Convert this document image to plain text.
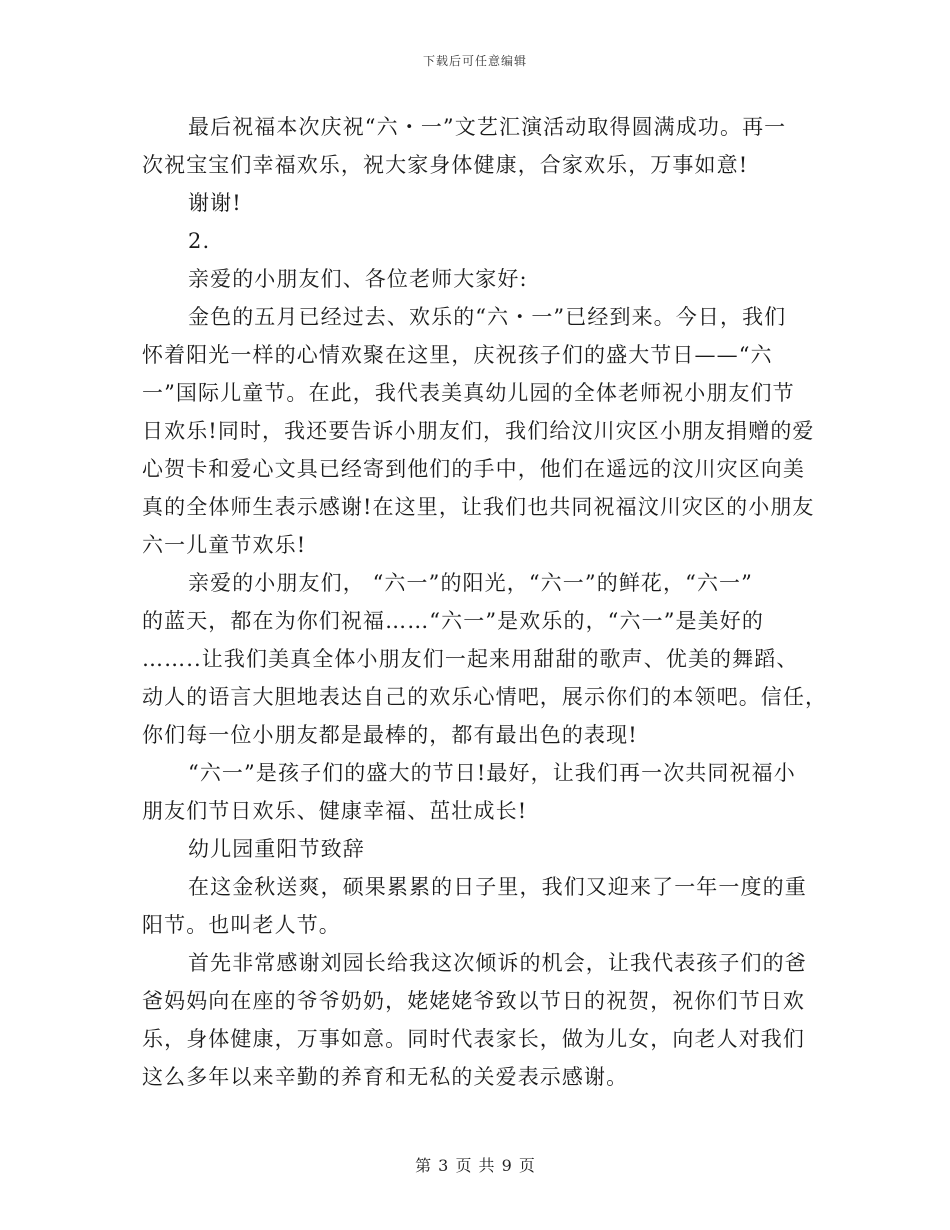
下载后可任意编辑
最后祝福本次庆祝“六・一”文艺汇演活动取得圆满成功。再一
次祝宝宝们幸福欢乐，祝大家身体健康，合家欢乐，万事如意!
谢谢!
2.
亲爱的小朋友们、各位老师大家好:
金色的五月已经过去、欢乐的“六・一”已经到来。今日，我们
怀着阳光一样的心情欢聚在这里，庆祝孩子们的盛大节日——“六
一”国际儿童节。在此，我代表美真幼儿园的全体老师祝小朋友们节
日欢乐!同时，我还要告诉小朋友们，我们给汶川灾区小朋友捐赠的爱
心贺卡和爱心文具已经寄到他们的手中，他们在遥远的汶川灾区向美
真的全体师生表示感谢!在这里，让我们也共同祝福汶川灾区的小朋友
六一儿童节欢乐!
亲爱的小朋友们， “六一”的阳光，“六一”的鲜花，“六一”
的蓝天，都在为你们祝福……“六一”是欢乐的，“六一”是美好的
……..让我们美真全体小朋友们一起来用甜甜的歌声、优美的舞蹈、
动人的语言大胆地表达自己的欢乐心情吧，展示你们的本领吧。信任，
你们每一位小朋友都是最棒的，都有最出色的表现!
“六一”是孩子们的盛大的节日!最好，让我们再一次共同祝福小
朋友们节日欢乐、健康幸福、茁壮成长!
幼儿园重阳节致辞
在这金秋送爽，硕果累累的日子里，我们又迎来了一年一度的重
阳节。也叫老人节。
首先非常感谢刘园长给我这次倾诉的机会，让我代表孩子们的爸
爸妈妈向在座的爷爷奶奶，姥姥姥爷致以节日的祝贺，祝你们节日欢
乐，身体健康，万事如意。同时代表家长，做为儿女，向老人对我们
这么多年以来辛勤的养育和无私的关爱表示感谢。
第 3 页 共 9 页
